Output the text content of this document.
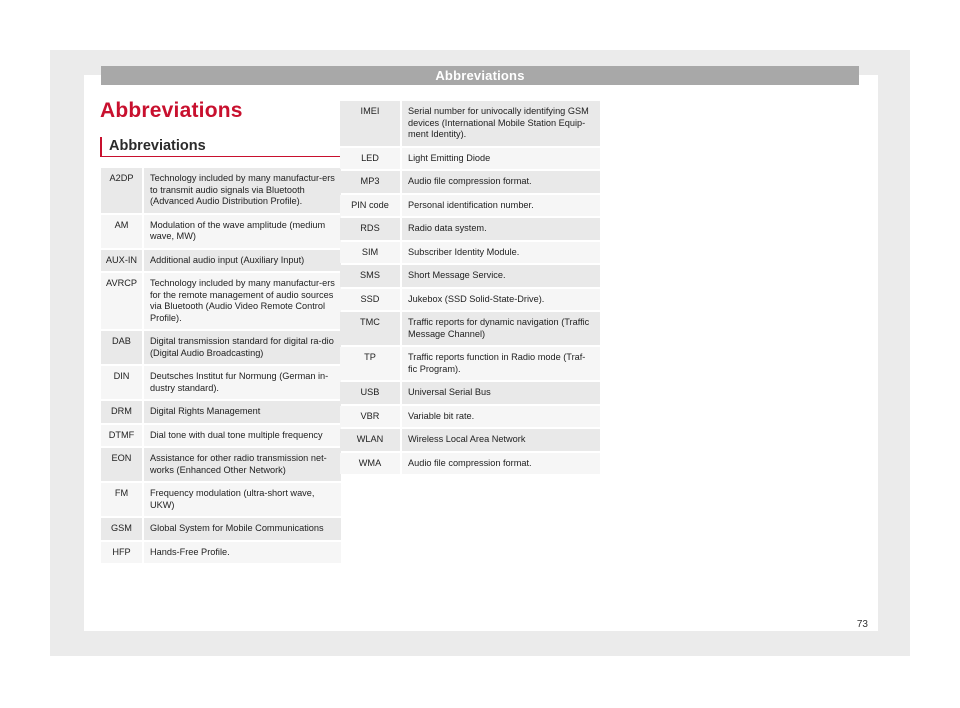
Abbreviations
Abbreviations
Abbreviations
A2DP	Technology included by many manufactur-ers to transmit audio signals via Bluetooth (Advanced Audio Distribution Profile).
AM	Modulation of the wave amplitude (medium wave, MW)
AUX-IN	Additional audio input (Auxiliary Input)
AVRCP	Technology included by many manufactur-ers for the remote management of audio sources via Bluetooth (Audio Video Remote Control Profile).
DAB	Digital transmission standard for digital ra-dio (Digital Audio Broadcasting)
DIN	Deutsches Institut fur Normung (German in-dustry standard).
DRM	Digital Rights Management
DTMF	Dial tone with dual tone multiple frequency
EON	Assistance for other radio transmission net-works (Enhanced Other Network)
FM	Frequency modulation (ultra-short wave, UKW)
GSM	Global System for Mobile Communications
HFP	Hands-Free Profile.
IMEI	Serial number for univocally identifying GSM devices (International Mobile Station Equip-ment Identity).
LED	Light Emitting Diode
MP3	Audio file compression format.
PIN code	Personal identification number.
RDS	Radio data system.
SIM	Subscriber Identity Module.
SMS	Short Message Service.
SSD	Jukebox (SSD Solid-State-Drive).
TMC	Traffic reports for dynamic navigation (Traffic Message Channel)
TP	Traffic reports function in Radio mode (Traf-fic Program).
USB	Universal Serial Bus
VBR	Variable bit rate.
WLAN	Wireless Local Area Network
WMA	Audio file compression format.
73
